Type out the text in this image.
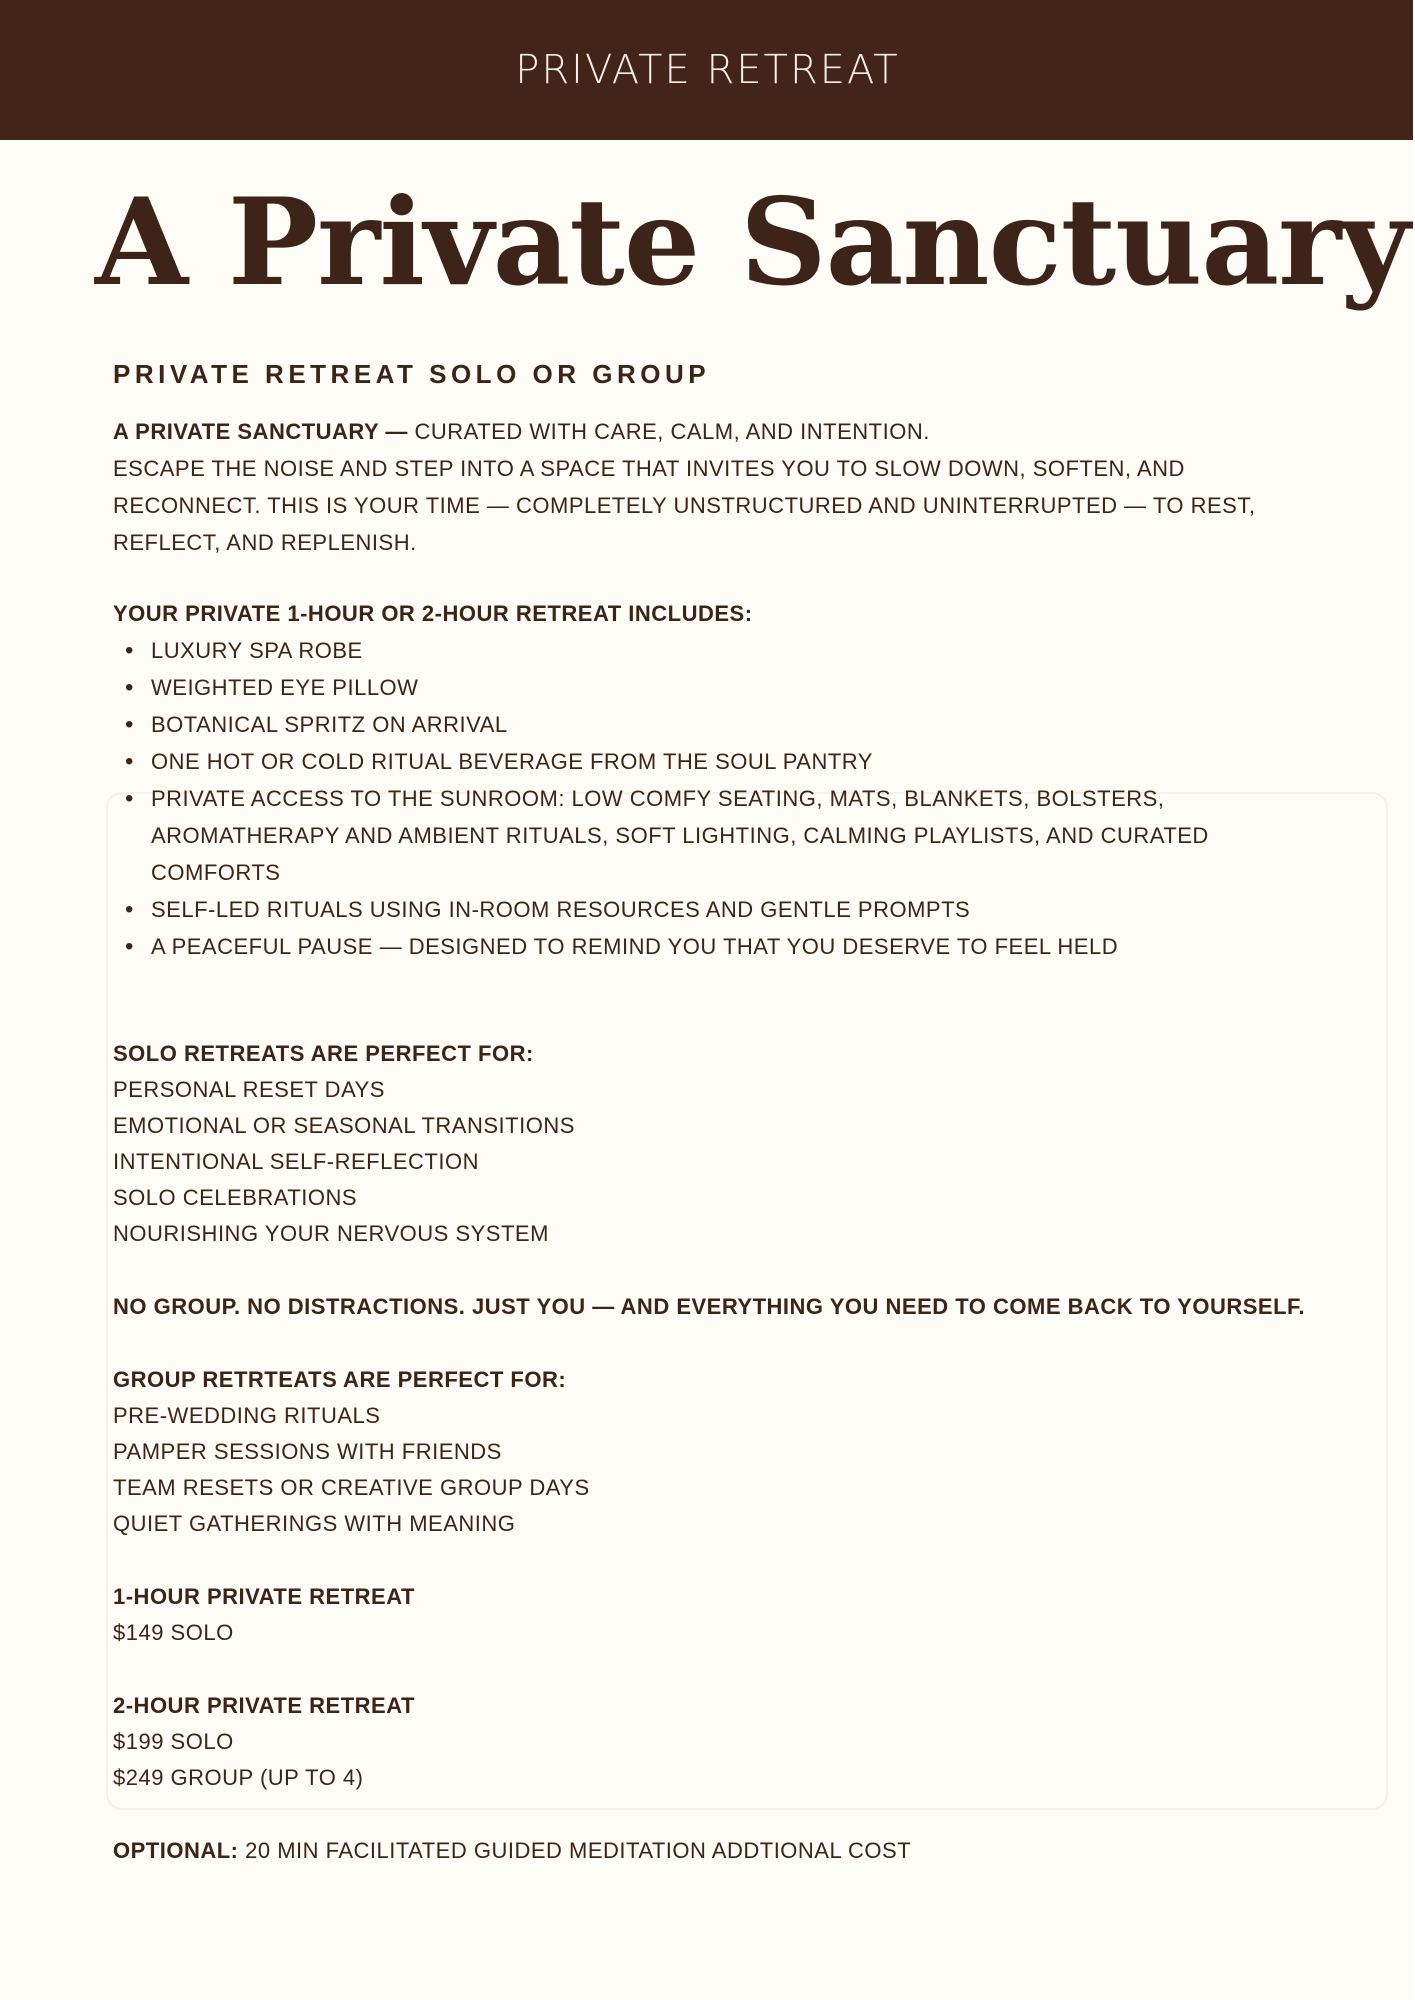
PRIVATE RETREAT
A Private Sanctuary
PRIVATE RETREAT SOLO OR GROUP

A PRIVATE SANCTUARY — CURATED WITH CARE, CALM, AND INTENTION.

ESCAPE THE NOISE AND STEP INTO A SPACE THAT INVITES YOU TO SLOW DOWN, SOFTEN, AND RECONNECT. THIS IS YOUR TIME — COMPLETELY UNSTRUCTURED AND UNINTERRUPTED — TO REST, REFLECT, AND REPLENISH.

YOUR PRIVATE 1-HOUR OR 2-HOUR RETREAT INCLUDES:

• LUXURY SPA ROBE
• WEIGHTED EYE PILLOW
• BOTANICAL SPRITZ ON ARRIVAL
• ONE HOT OR COLD RITUAL BEVERAGE FROM THE SOUL PANTRY
• PRIVATE ACCESS TO THE SUNROOM: LOW COMFY SEATING, MATS, BLANKETS, BOLSTERS, AROMATHERAPY AND AMBIENT RITUALS, SOFT LIGHTING, CALMING PLAYLISTS, AND CURATED COMFORTS
• SELF-LED RITUALS USING IN-ROOM RESOURCES AND GENTLE PROMPTS
• A PEACEFUL PAUSE — DESIGNED TO REMIND YOU THAT YOU DESERVE TO FEEL HELD

SOLO RETREATS ARE PERFECT FOR:

PERSONAL RESET DAYS
EMOTIONAL OR SEASONAL TRANSITIONS
INTENTIONAL SELF-REFLECTION
SOLO CELEBRATIONS
NOURISHING YOUR NERVOUS SYSTEM

NO GROUP. NO DISTRACTIONS. JUST YOU — AND EVERYTHING YOU NEED TO COME BACK TO YOURSELF.

GROUP RETRTEATS ARE PERFECT FOR:

PRE-WEDDING RITUALS
PAMPER SESSIONS WITH FRIENDS
TEAM RESETS OR CREATIVE GROUP DAYS
QUIET GATHERINGS WITH MEANING

1-HOUR PRIVATE RETREAT

$149 SOLO

2-HOUR PRIVATE RETREAT

$199 SOLO
$249 GROUP (UP TO 4)

OPTIONAL: 20 MIN FACILITATED GUIDED MEDITATION ADDTIONAL COST
